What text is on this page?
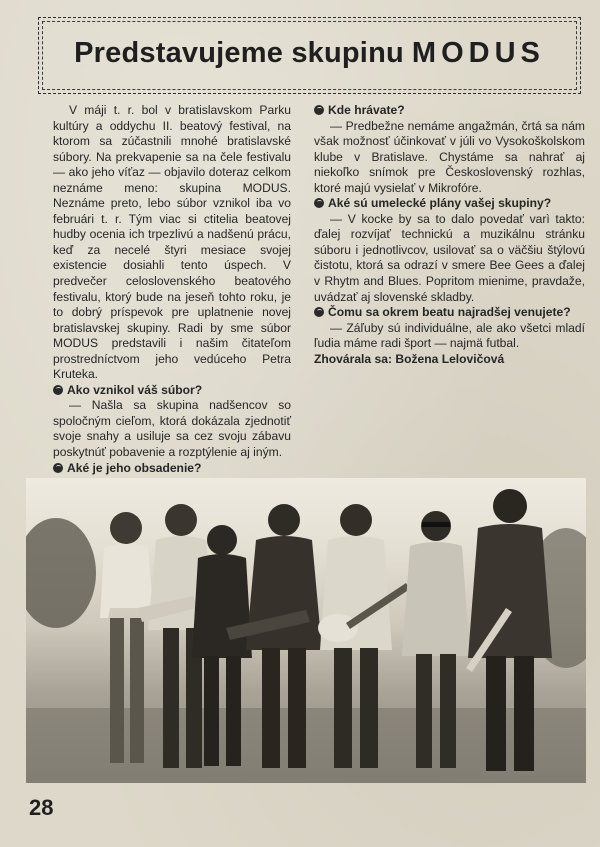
Predstavujeme skupinu MODUS

V máji t. r. bol v bratislavskom Parku kultúry a oddychu II. beatový festival, na ktorom sa zúčastnili mnohé bratislavské súbory. Na prekvapenie sa na čele festivalu — ako jeho víťaz — objavilo doteraz celkom neznáme meno: skupina MODUS. Neznáme preto, lebo súbor vznikol iba vo februári t. r. Tým viac si ctitelia beatovej hudby ocenia ich trpezlivú a nadšenú prácu, keď za necelé štyri mesiace svojej existencie dosiahli tento úspech. V predvečer celoslovenského beatového festivalu, ktorý bude na jeseň tohto roku, je to dobrý príspevok pre uplatnenie novej bratislavskej skupiny. Radi by sme súbor MODUS predstavili i našim čitateľom prostredníctvom jeho vedúceho Petra Kruteka.

Ako vznikol váš súbor?

— Našla sa skupina nadšencov so spoločným cieľom, ktorá dokázala zjednotiť svoje snahy a usiluje sa cez svoju zábavu poskytnúť pobavenie a rozptýlenie aj iným.

Aké je jeho obsadenie?

Kde hrávate?

— Predbežne nemáme angažmán, črtá sa nám však možnosť účinkovať v júli vo Vysokoškolskom klube v Bratislave. Chystáme sa nahrať aj niekoľko snímok pre Československý rozhlas, ktoré majú vysielať v Mikrofóre.

Aké sú umelecké plány vašej skupiny?

— V kocke by sa to dalo povedať varì takto: ďalej rozvíjať technickú a muzikálnu stránku súboru i jednotlivcov, usilovať sa o väčšiu štýlovú čistotu, ktorá sa odrazí v smere Bee Gees a ďalej v Rhytm and Blues. Popritom mienime, pravdaže, uvádzať aj slovenské skladby.

Čomu sa okrem beatu najradšej venujete?

— Záľuby sú individuálne, ale ako všetci mladí ľudia máme radi šport — najmä futbal.

Zhovárala sa: Božena Lelovičová

28
